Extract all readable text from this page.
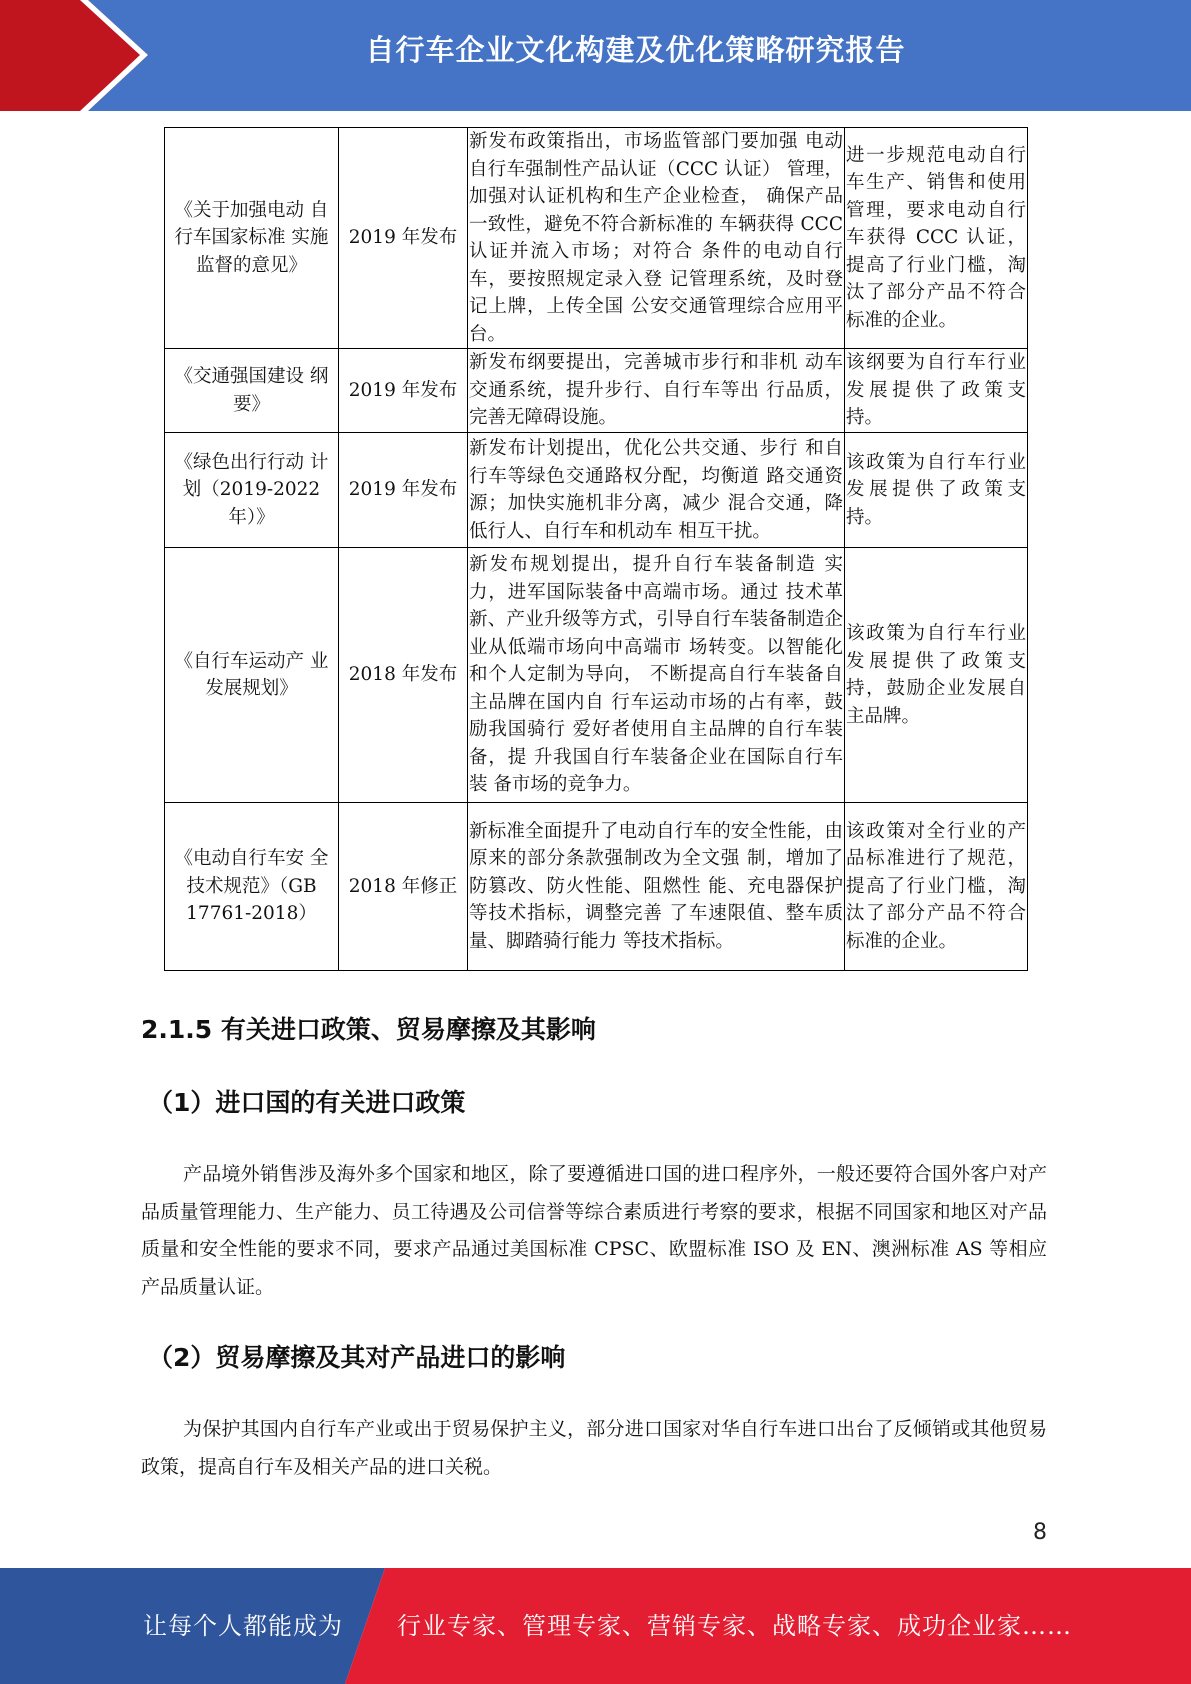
自行车企业文化构建及优化策略研究报告
《关于加强电动 自行车国家标准 实施监督的意见》	2019 年发布	新发布政策指出，市场监管部门要加强 电动自行车强制性产品认证（CCC 认证） 管理，加强对认证机构和生产企业检查， 确保产品一致性，避免不符合新标准的 车辆获得 CCC 认证并流入市场；对符合 条件的电动自行车，要按照规定录入登 记管理系统，及时登记上牌，上传全国 公安交通管理综合应用平台。	进一步规范电动自行车生产、销售和使用管理，要求电动自行车获得 CCC 认证，提高了行业门槛，淘汰了部分产品不符合标准的企业。
《交通强国建设 纲要》	2019 年发布	新发布纲要提出，完善城市步行和非机 动车交通系统，提升步行、自行车等出 行品质，完善无障碍设施。	该纲要为自行车行业发展提供了政策支持。
《绿色出行行动 计划（2019-2022 年）》	2019 年发布	新发布计划提出，优化公共交通、步行 和自行车等绿色交通路权分配，均衡道 路交通资源；加快实施机非分离，减少 混合交通，降低行人、自行车和机动车 相互干扰。	该政策为自行车行业发展提供了政策支持。
《自行车运动产 业发展规划》	2018 年发布	新发布规划提出，提升自行车装备制造 实力，进军国际装备中高端市场。通过 技术革新、产业升级等方式，引导自行车装备制造企业从低端市场向中高端市 场转变。以智能化和个人定制为导向， 不断提高自行车装备自主品牌在国内自 行车运动市场的占有率，鼓励我国骑行 爱好者使用自主品牌的自行车装备，提 升我国自行车装备企业在国际自行车装 备市场的竞争力。	该政策为自行车行业发展提供了政策支持，鼓励企业发展自主品牌。
《电动自行车安 全技术规范》（GB 17761-2018）	2018 年修正	新标准全面提升了电动自行车的安全性能，由原来的部分条款强制改为全文强 制，增加了防篡改、防火性能、阻燃性 能、充电器保护等技术指标，调整完善 了车速限值、整车质量、脚踏骑行能力 等技术指标。	该政策对全行业的产品标准进行了规范，提高了行业门槛，淘汰了部分产品不符合标准的企业。
2.1.5 有关进口政策、贸易摩擦及其影响
（1）进口国的有关进口政策

产品境外销售涉及海外多个国家和地区，除了要遵循进口国的进口程序外，一般还要符合国外客户对产品质量管理能力、生产能力、员工待遇及公司信誉等综合素质进行考察的要求，根据不同国家和地区对产品质量和安全性能的要求不同，要求产品通过美国标准 CPSC、欧盟标准 ISO 及 EN、澳洲标准 AS 等相应产品质量认证。

（2）贸易摩擦及其对产品进口的影响

为保护其国内自行车产业或出于贸易保护主义，部分进口国家对华自行车进口出台了反倾销或其他贸易政策，提高自行车及相关产品的进口关税。

8
让每个人都能成为 行业专家、管理专家、营销专家、战略专家、成功企业家……
